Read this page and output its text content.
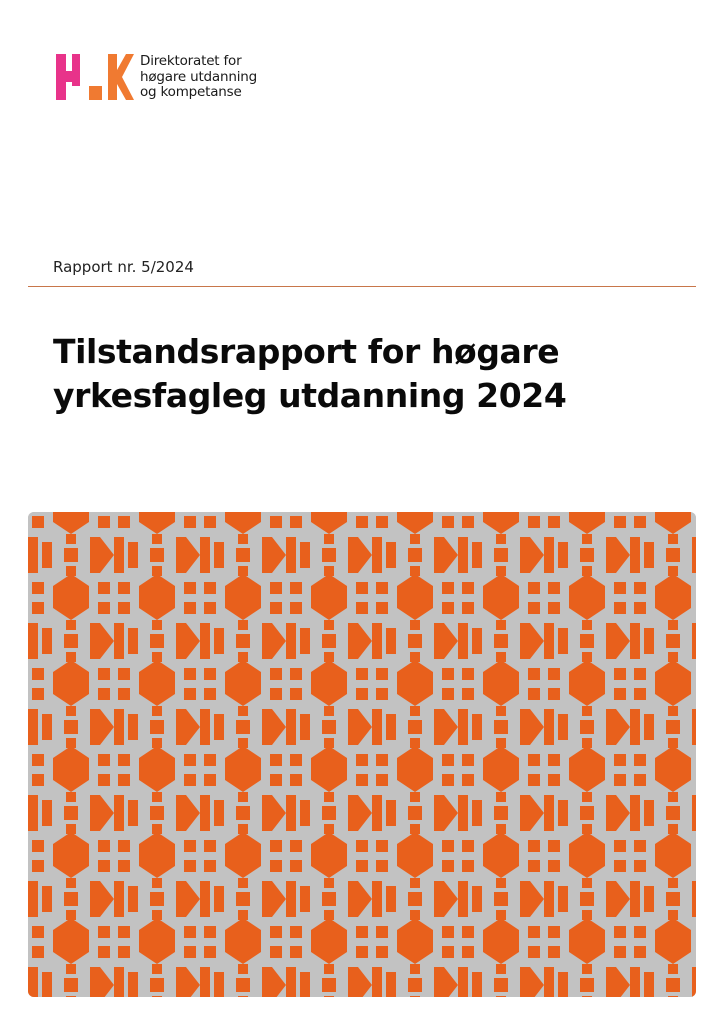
Direktoratet for
høgare utdanning
og kompetanse
Rapport nr. 5/2024
Tilstandsrapport for høgare
yrkesfagleg utdanning 2024
